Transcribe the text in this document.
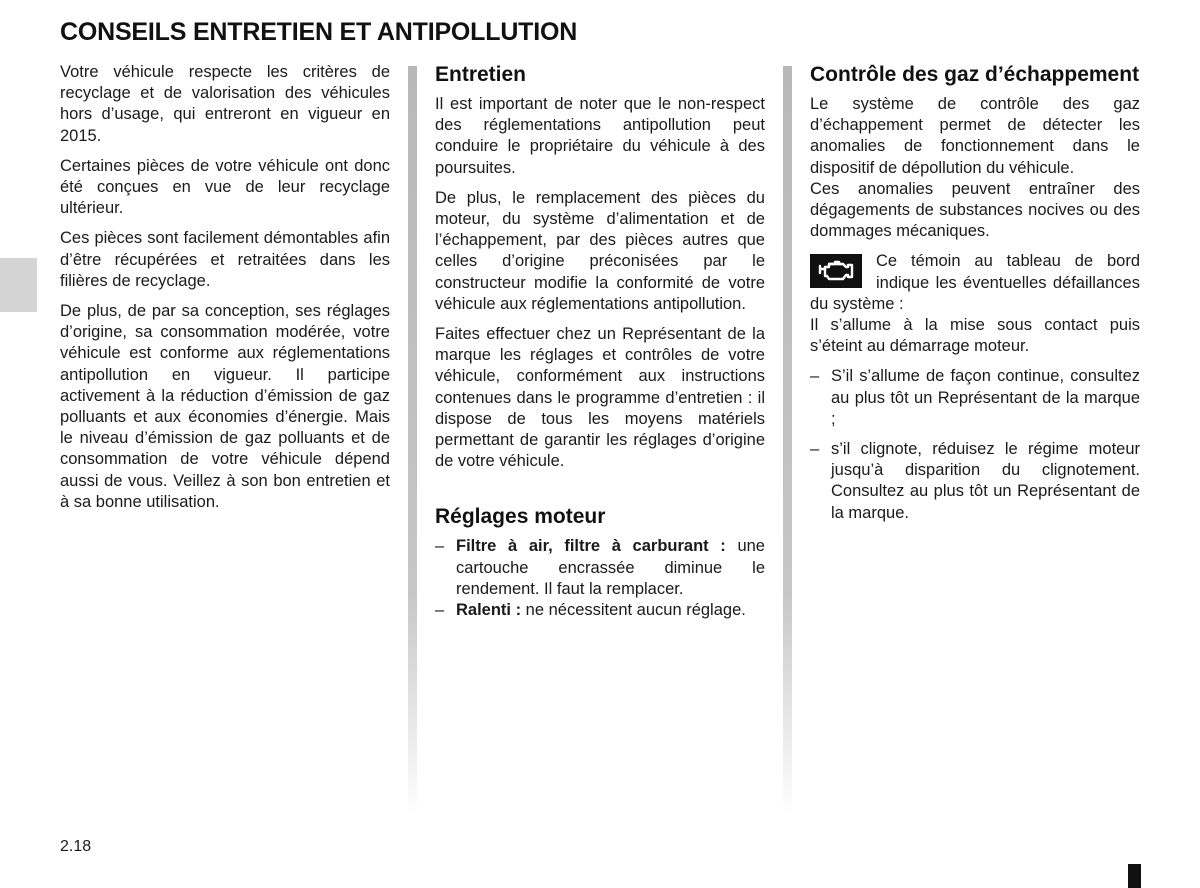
CONSEILS ENTRETIEN ET ANTIPOLLUTION

Votre véhicule respecte les critères de recyclage et de valorisation des véhicules hors d’usage, qui entreront en vigueur en 2015.

Certaines pièces de votre véhicule ont donc été conçues en vue de leur recyclage ultérieur.

Ces pièces sont facilement démontables afin d’être récupérées et retraitées dans les filières de recyclage.

De plus, de par sa conception, ses réglages d’origine, sa consommation modérée, votre véhicule est conforme aux réglementations antipollution en vigueur. Il participe activement à la réduction d’émission de gaz polluants et aux économies d’énergie. Mais le niveau d’émission de gaz polluants et de consommation de votre véhicule dépend aussi de vous. Veillez à son bon entretien et à sa bonne utilisation.

Entretien

Il est important de noter que le non-respect des réglementations antipollution peut conduire le propriétaire du véhicule à des poursuites.

De plus, le remplacement des pièces du moteur, du système d’alimentation et de l’échappement, par des pièces autres que celles d’origine préconisées par le constructeur modifie la conformité de votre véhicule aux réglementations antipollution.

Faites effectuer chez un Représentant de la marque les réglages et contrôles de votre véhicule, conformément aux instructions contenues dans le programme d’entretien : il dispose de tous les moyens matériels permettant de garantir les réglages d’origine de votre véhicule.

Réglages moteur
– Filtre à air, filtre à carburant : une cartouche encrassée diminue le rendement. Il faut la remplacer.
– Ralenti : ne nécessitent aucun réglage.
Contrôle des gaz d’échappement

Le système de contrôle des gaz d’échappement permet de détecter les anomalies de fonctionnement dans le dispositif de dépollution du véhicule.

Ces anomalies peuvent entraîner des dégagements de substances nocives ou des dommages mécaniques.

Ce témoin au tableau de bord indique les éventuelles défaillances du système :

Il s’allume à la mise sous contact puis s’éteint au démarrage moteur.

– S’il s’allume de façon continue, consultez au plus tôt un Représentant de la marque ;
– s’il clignote, réduisez le régime moteur jusqu’à disparition du clignotement. Consultez au plus tôt un Représentant de la marque.
2.18
